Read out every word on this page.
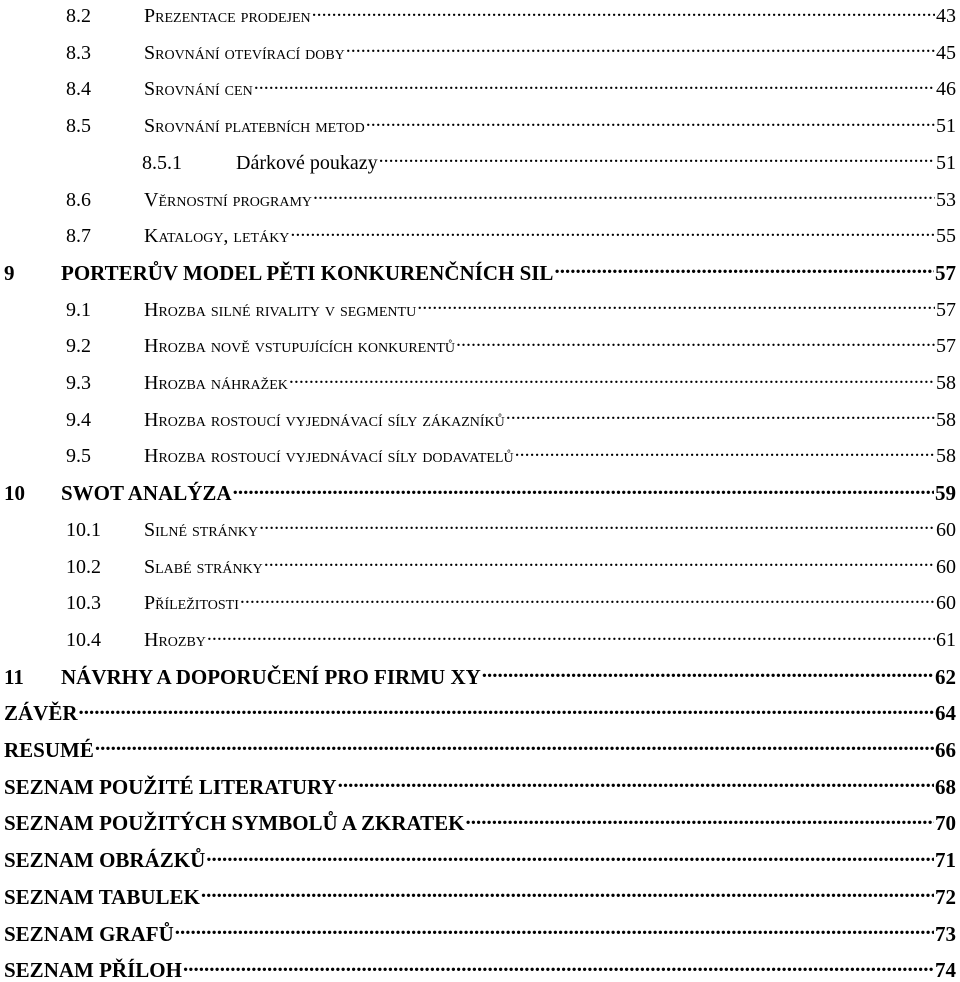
8.2	Prezentace prodejen .....	43
8.3	Srovnání otevírací doby .....	45
8.4	Srovnání cen .....	46
8.5	Srovnání platebních metod .....	51
8.5.1	Dárkové poukazy .....	51
8.6	Věrnostní programy .....	53
8.7	Katalogy, letáky .....	55
9	PORTERŮV MODEL PĚTI KONKURENČNÍCH SIL .....	57
9.1	Hrozba silné rivality v segmentu .....	57
9.2	Hrozba nově vstupujících konkurentů .....	57
9.3	Hrozba náhražek .....	58
9.4	Hrozba rostoucí vyjednávací síly zákazníků .....	58
9.5	Hrozba rostoucí vyjednávací síly dodavatelů .....	58
10	SWOT ANALÝZA .....	59
10.1	Silné stránky .....	60
10.2	Slabé stránky .....	60
10.3	Příležitosti .....	60
10.4	Hrozby .....	61
11	NÁVRHY A DOPORUČENÍ PRO FIRMU XY .....	62
ZÁVĚR .....	64
RESUMÉ .....	66
SEZNAM POUŽITÉ LITERATURY .....	68
SEZNAM POUŽITÝCH SYMBOLŮ A ZKRATEK .....	70
SEZNAM OBRÁZKŮ .....	71
SEZNAM TABULEK .....	72
SEZNAM GRAFŮ .....	73
SEZNAM PŘÍLOH .....	74
